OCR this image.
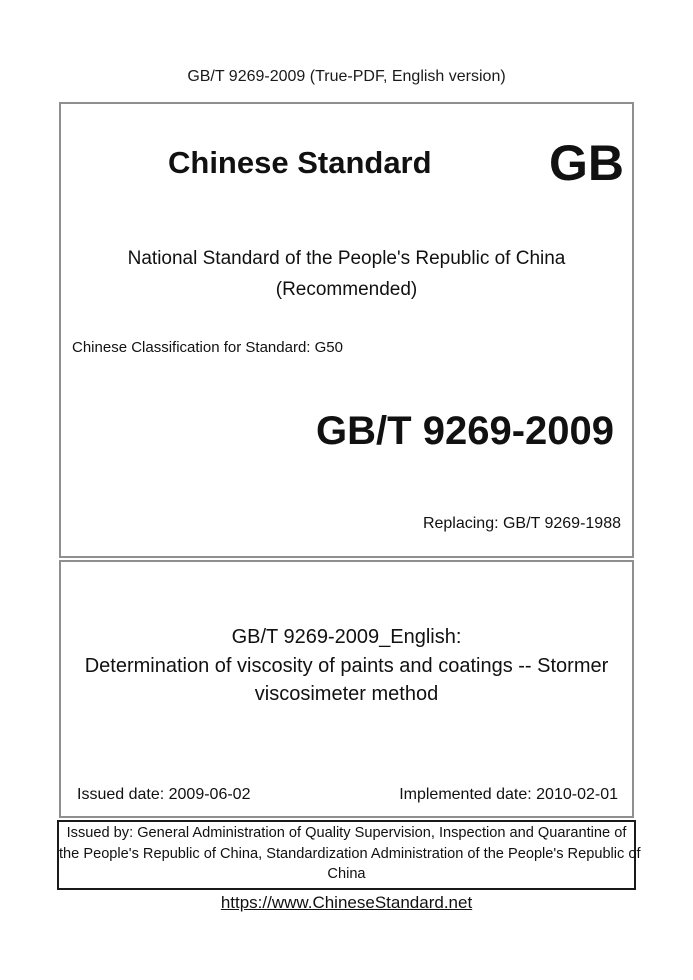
GB/T 9269-2009 (True-PDF, English version)
Chinese Standard GB
National Standard of the People's Republic of China
(Recommended)
Chinese Classification for Standard: G50
GB/T 9269-2009
Replacing: GB/T 9269-1988
GB/T 9269-2009_English:
Determination of viscosity of paints and coatings -- Stormer
viscosimeter method
Issued date: 2009-06-02	Implemented date: 2010-02-01
Issued by: General Administration of Quality Supervision, Inspection and Quarantine of
the People's Republic of China, Standardization Administration of the People's Republic of
China
https://www.ChineseStandard.net
